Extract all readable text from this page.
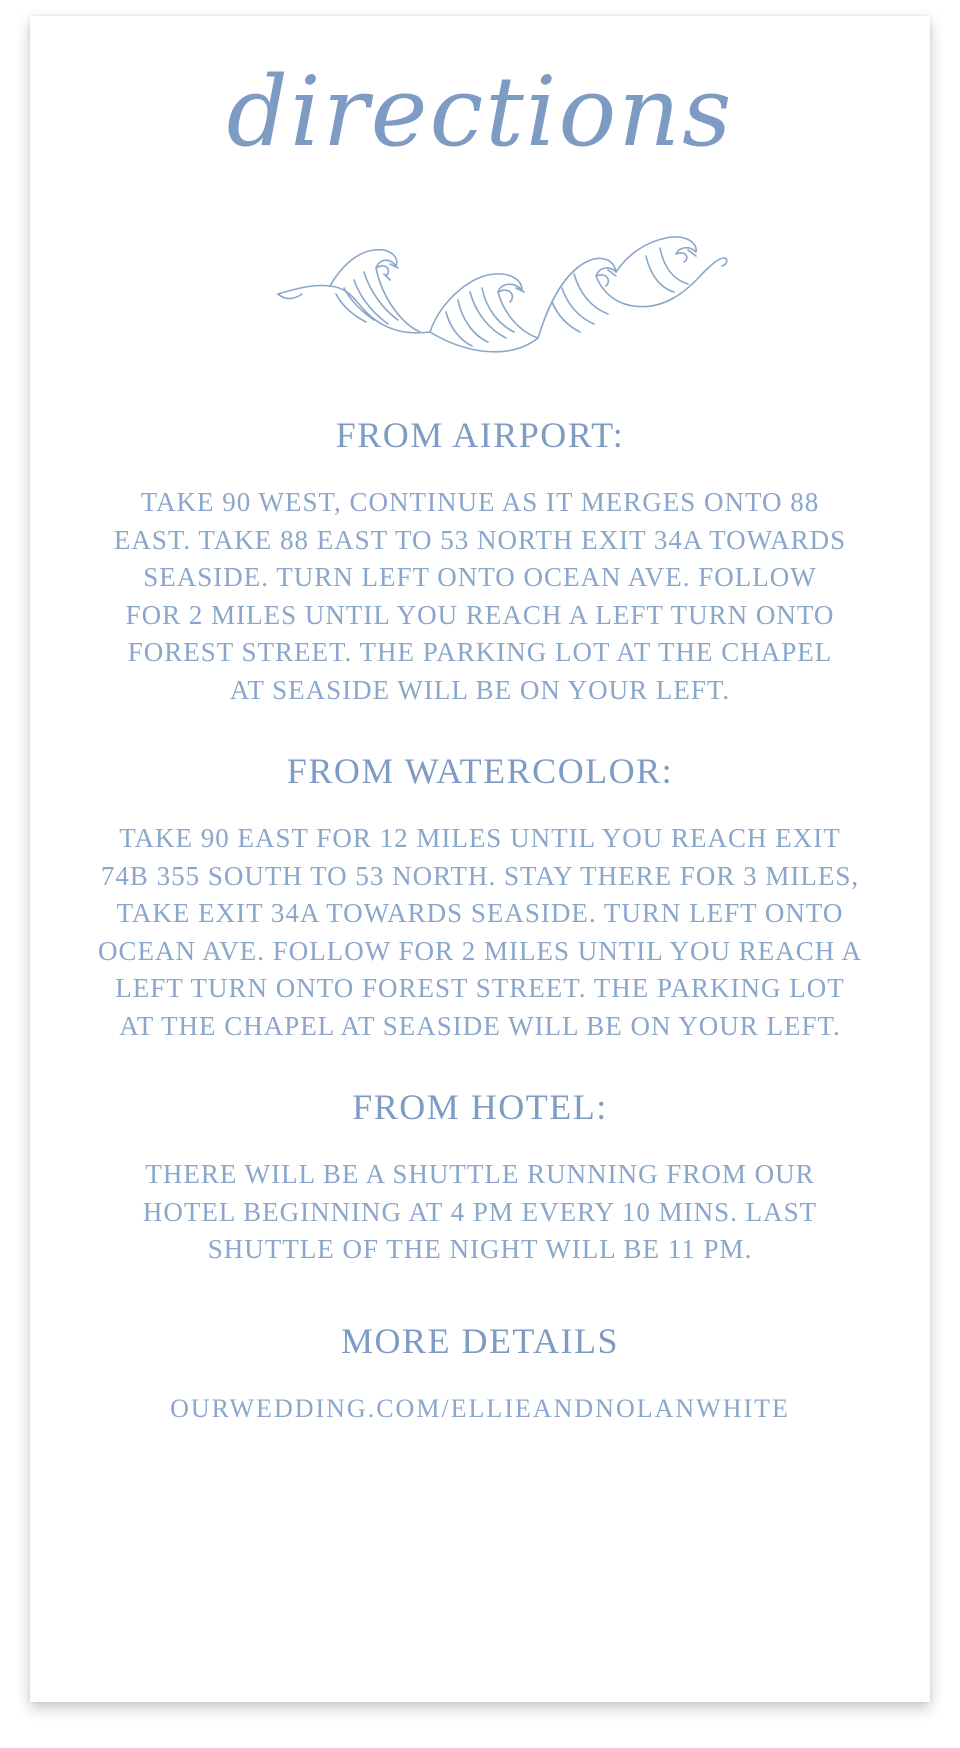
directions
FROM AIRPORT:
TAKE 90 WEST, CONTINUE AS IT MERGES ONTO 88
EAST. TAKE 88 EAST TO 53 NORTH EXIT 34A TOWARDS
SEASIDE. TURN LEFT ONTO OCEAN AVE. FOLLOW
FOR 2 MILES UNTIL YOU REACH A LEFT TURN ONTO
FOREST STREET. THE PARKING LOT AT THE CHAPEL
AT SEASIDE WILL BE ON YOUR LEFT.
FROM WATERCOLOR:
TAKE 90 EAST FOR 12 MILES UNTIL YOU REACH EXIT
74B 355 SOUTH TO 53 NORTH. STAY THERE FOR 3 MILES,
TAKE EXIT 34A TOWARDS SEASIDE. TURN LEFT ONTO
OCEAN AVE. FOLLOW FOR 2 MILES UNTIL YOU REACH A
LEFT TURN ONTO FOREST STREET. THE PARKING LOT
AT THE CHAPEL AT SEASIDE WILL BE ON YOUR LEFT.
FROM HOTEL:
THERE WILL BE A SHUTTLE RUNNING FROM OUR
HOTEL BEGINNING AT 4 PM EVERY 10 MINS. LAST
SHUTTLE OF THE NIGHT WILL BE 11 PM.
MORE DETAILS
OURWEDDING.COM/ELLIEANDNOLANWHITE
